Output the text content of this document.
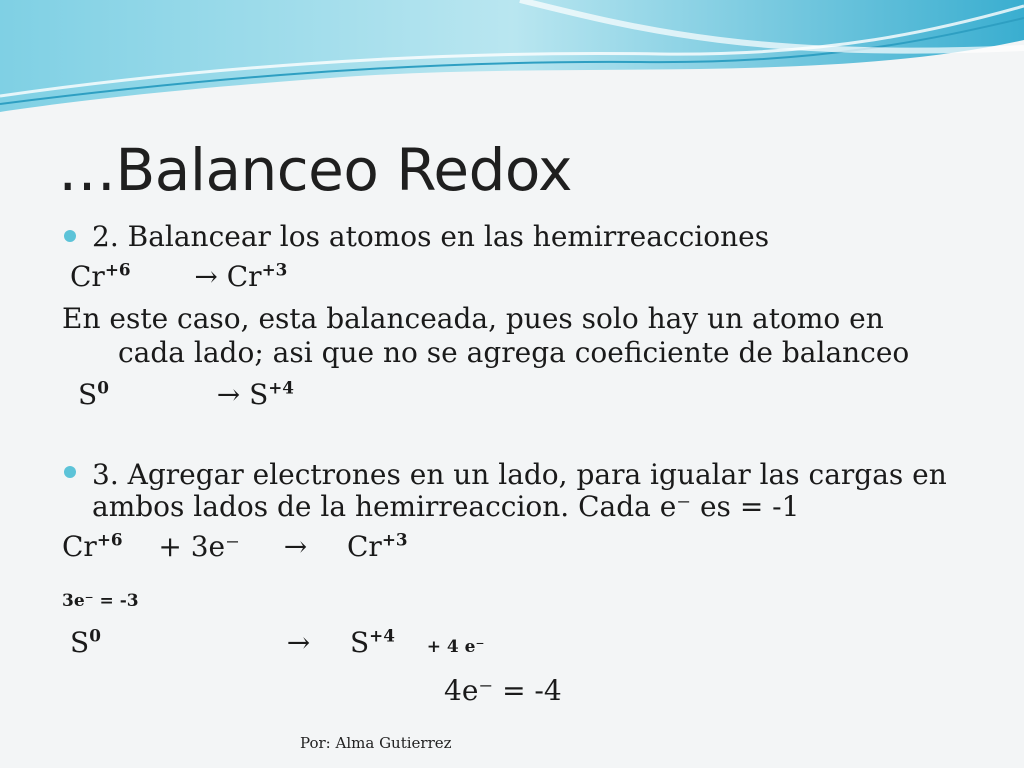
…Balanceo Redox
2. Balancear los atomos en las hemirreacciones
$Cr^{+6} \to Cr^{+3}$
En este caso, esta balanceada, pues solo hay un atomo en
cada lado; asi que no se agrega coeficiente de balanceo
$S^0$	→ $S^{+4}$
3. Agregar electrones en un lado, para igualar las cargas en
ambos lados de la hemirreaccion. Cada e⁻ es = -1
$Cr^{+6} + 3e^- \to Cr^{+3}$
3e⁻ = -3
$S^0$	→ $S^{+4} + 4$ e⁻
4e⁻ = -4
Por: Alma Gutierrez
